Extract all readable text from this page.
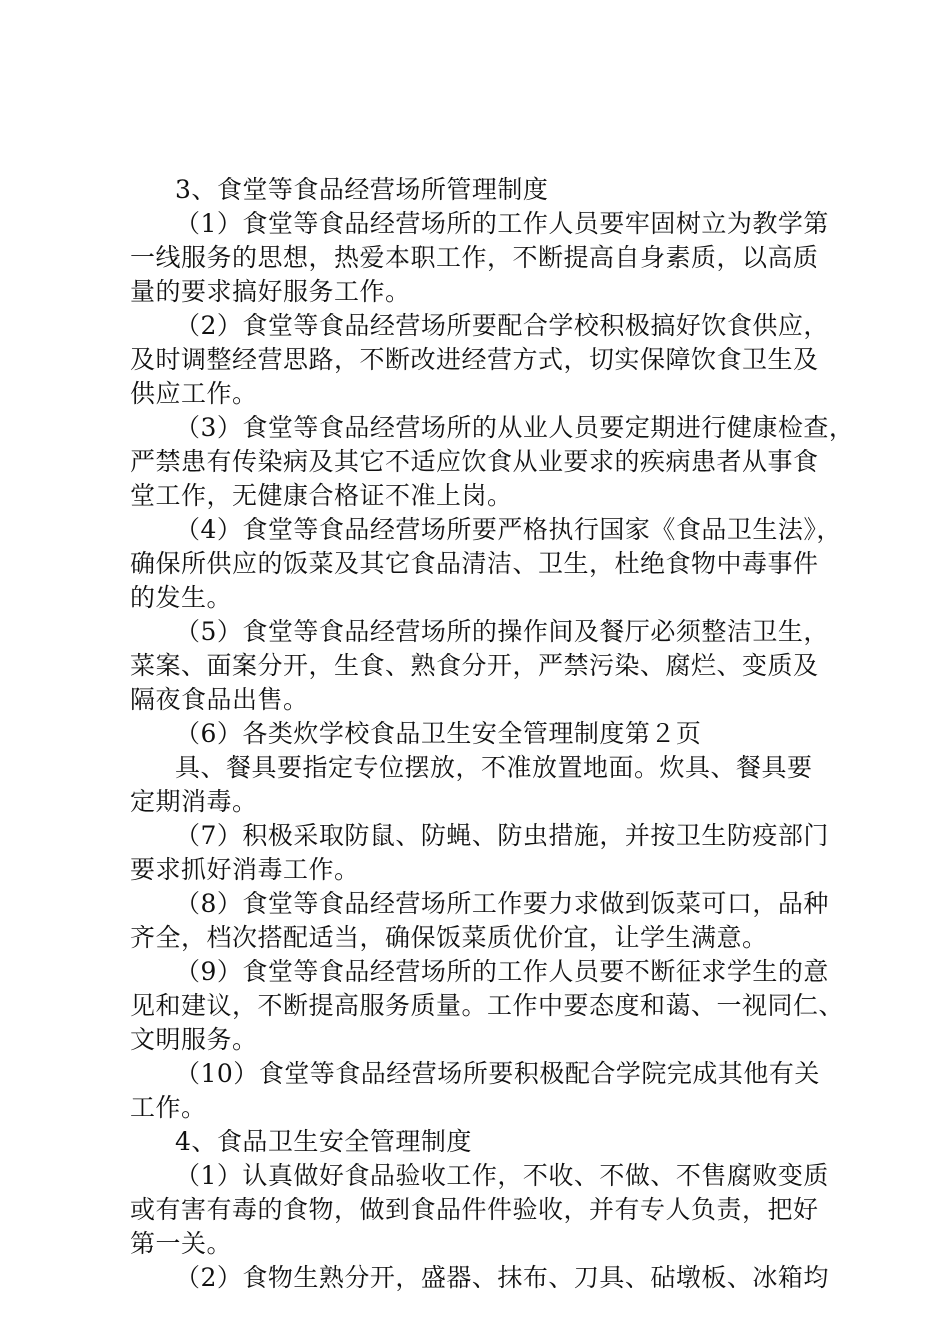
3、食堂等食品经营场所管理制度
（1）食堂等食品经营场所的工作人员要牢固树立为教学第
一线服务的思想，热爱本职工作，不断提高自身素质，以高质
量的要求搞好服务工作。
（2）食堂等食品经营场所要配合学校积极搞好饮食供应，
及时调整经营思路，不断改进经营方式，切实保障饮食卫生及
供应工作。
（3）食堂等食品经营场所的从业人员要定期进行健康检查，
严禁患有传染病及其它不适应饮食从业要求的疾病患者从事食
堂工作，无健康合格证不准上岗。
（4）食堂等食品经营场所要严格执行国家《食品卫生法》，
确保所供应的饭菜及其它食品清洁、卫生，杜绝食物中毒事件
的发生。
（5）食堂等食品经营场所的操作间及餐厅必须整洁卫生，
菜案、面案分开，生食、熟食分开，严禁污染、腐烂、变质及
隔夜食品出售。
（6）各类炊学校食品卫生安全管理制度第２页
具、餐具要指定专位摆放，不准放置地面。炊具、餐具要
定期消毒。
（7）积极采取防鼠、防蝇、防虫措施，并按卫生防疫部门
要求抓好消毒工作。
（8）食堂等食品经营场所工作要力求做到饭菜可口，品种
齐全，档次搭配适当，确保饭菜质优价宜，让学生满意。
（9）食堂等食品经营场所的工作人员要不断征求学生的意
见和建议，不断提高服务质量。工作中要态度和蔼、一视同仁、
文明服务。
（10）食堂等食品经营场所要积极配合学院完成其他有关
工作。
4、食品卫生安全管理制度
（1）认真做好食品验收工作，不收、不做、不售腐败变质
或有害有毒的食物，做到食品件件验收，并有专人负责，把好
第一关。
（2）食物生熟分开，盛器、抹布、刀具、砧墩板、冰箱均
